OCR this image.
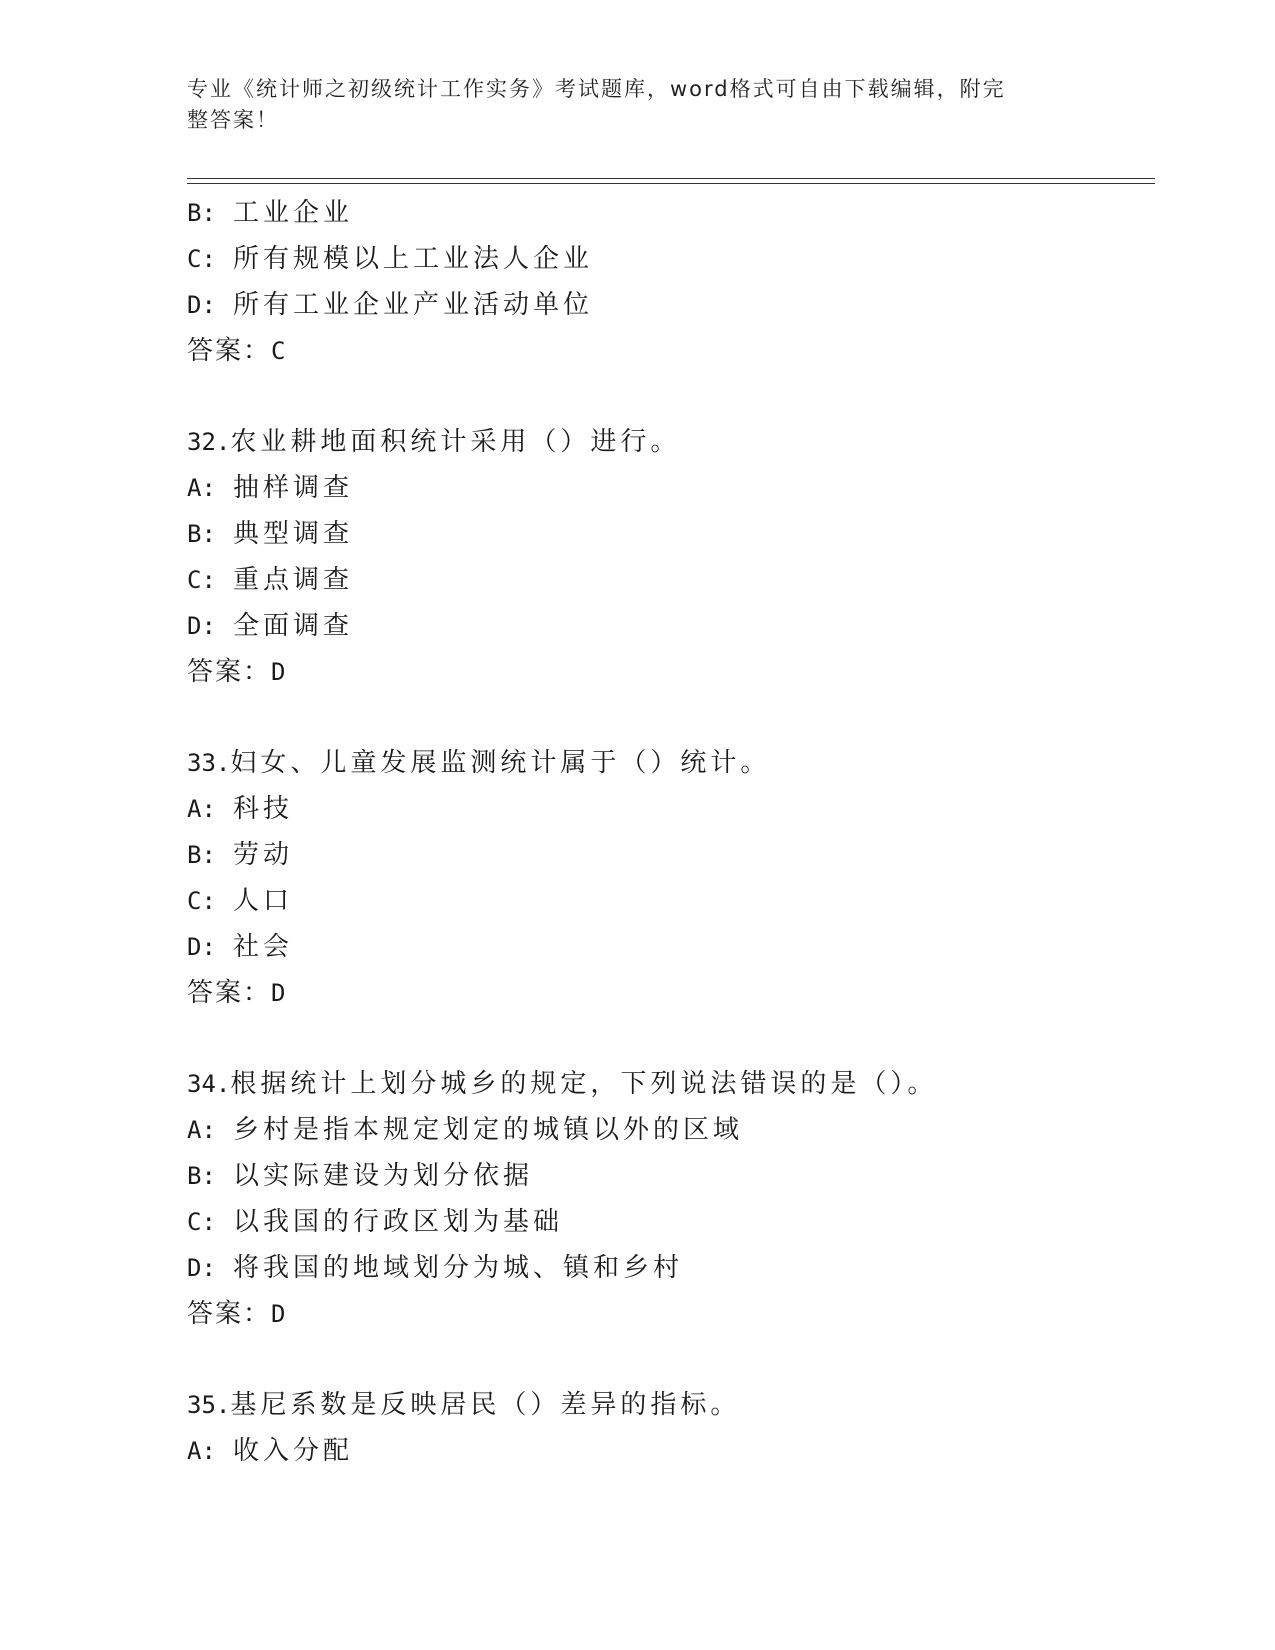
专业《统计师之初级统计工作实务》考试题库，word格式可自由下载编辑，附完
整答案！
B: 工业企业
C: 所有规模以上工业法人企业
D: 所有工业企业产业活动单位
答案：C
32.农业耕地面积统计采用（）进行。
A: 抽样调查
B: 典型调查
C: 重点调查
D: 全面调查
答案：D
33.妇女、儿童发展监测统计属于（）统计。
A: 科技
B: 劳动
C: 人口
D: 社会
答案：D
34.根据统计上划分城乡的规定，下列说法错误的是（）。
A: 乡村是指本规定划定的城镇以外的区域
B: 以实际建设为划分依据
C: 以我国的行政区划为基础
D: 将我国的地域划分为城、镇和乡村
答案：D
35.基尼系数是反映居民（）差异的指标。
A: 收入分配
